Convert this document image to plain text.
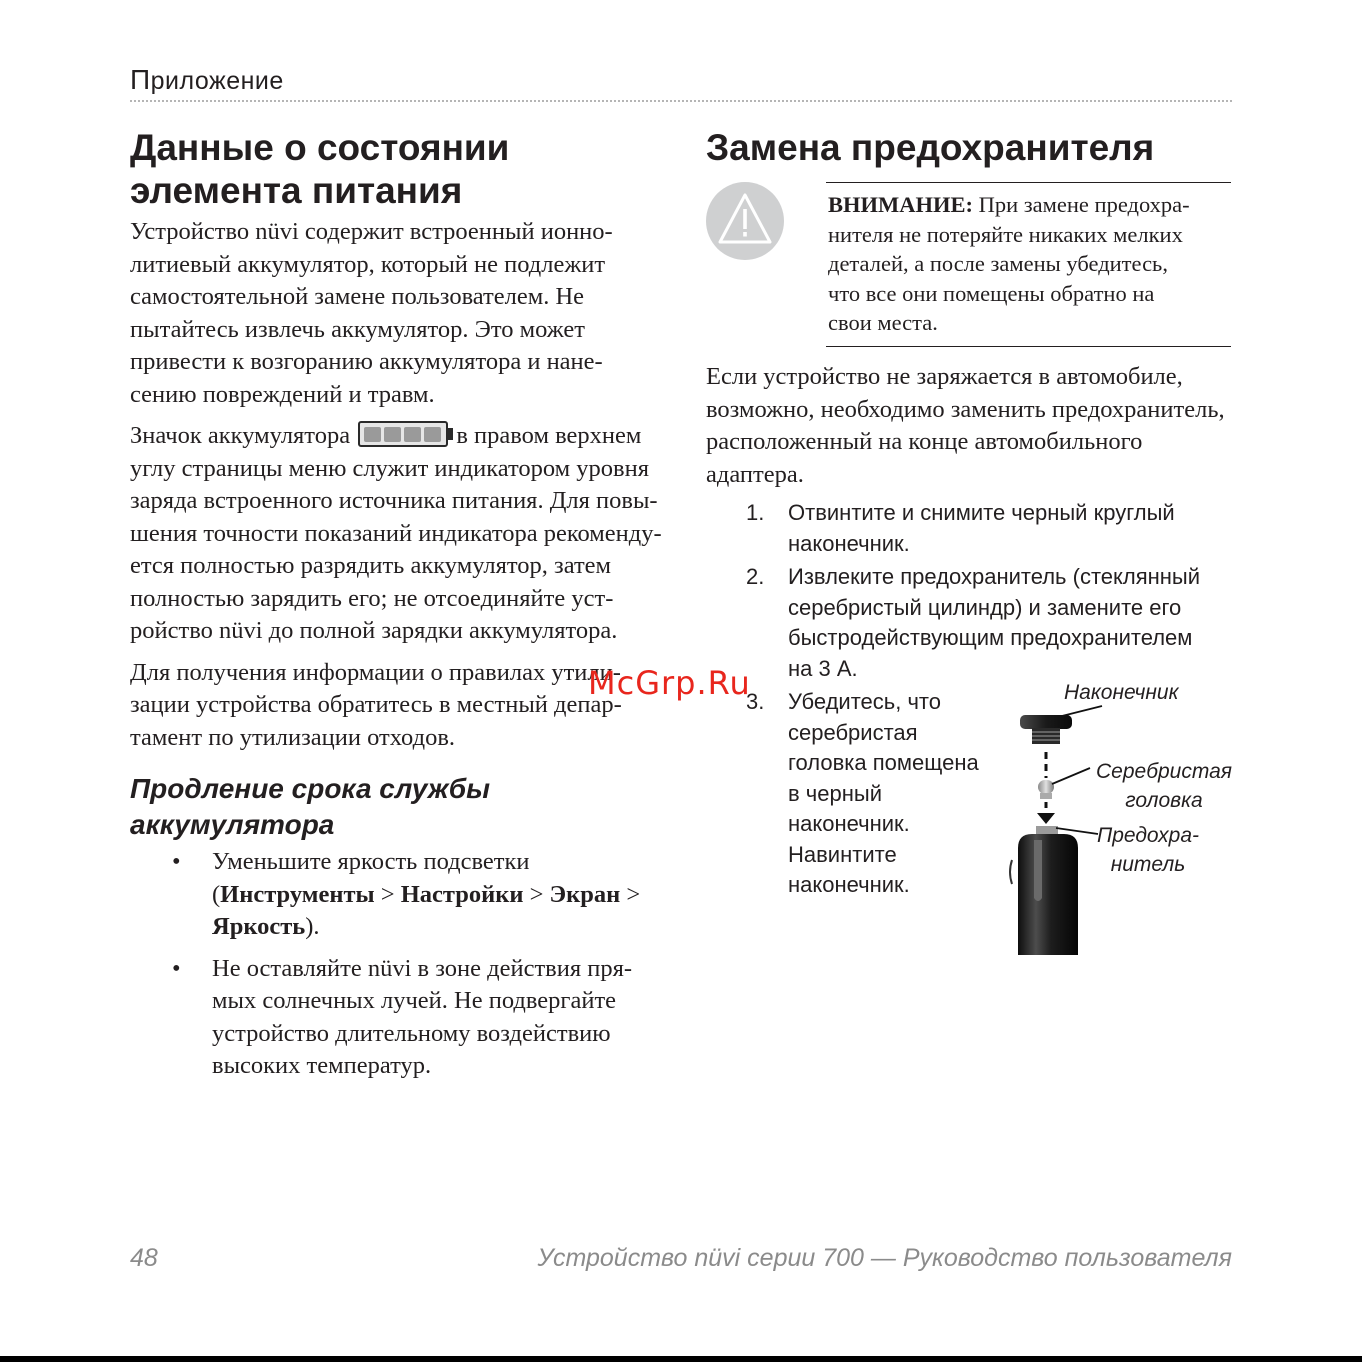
Приложение
Данные о состоянии
элемента питания

Устройство nüvi содержит встроенный ионно-
литиевый аккумулятор, который не подлежит
самостоятельной замене пользователем. Не
пытайтесь извлечь аккумулятор. Это может
привести к возгоранию аккумулятора и нане-
сению повреждений и травм.

Значок аккумулятора	в правом верхнем
углу страницы меню служит индикатором уровня
заряда встроенного источника питания. Для повы-
шения точности показаний индикатора рекоменду-
ется полностью разрядить аккумулятор, затем
полностью зарядить его; не отсоединяйте уст-
ройство nüvi до полной зарядки аккумулятора.

Для получения информации о правилах утили-
зации устройства обратитесь в местный депар-
тамент по утилизации отходов.

Продление срока службы
аккумулятора
• Уменьшите яркость подсветки
(Инструменты > Настройки > Экран >
Яркость).
• Не оставляйте nüvi в зоне действия пря-
мых солнечных лучей. Не подвергайте
устройство длительному воздействию
высоких температур.
Замена предохранителя
ВНИМАНИЕ: При замене предохра-
нителя не потеряйте никаких мелких
деталей, а после замены убедитесь,
что все они помещены обратно на
свои места.
Если устройство не заряжается в автомобиле,
возможно, необходимо заменить предохранитель,
расположенный на конце автомобильного
адаптера.
1. Отвинтите и снимите черный круглый
наконечник.
2. Извлеките предохранитель (стеклянный
серебристый цилиндр) и замените его
быстродействующим предохранителем
на 3 А.
3. Убедитесь, что
серебристая
головка помещена
в черный
наконечник.
Навинтите
наконечник.
Наконечник
Серебристая
головка
Предохра-
нитель
McGrp.Ru
48	Устройство nüvi серии 700 — Руководство пользователя
